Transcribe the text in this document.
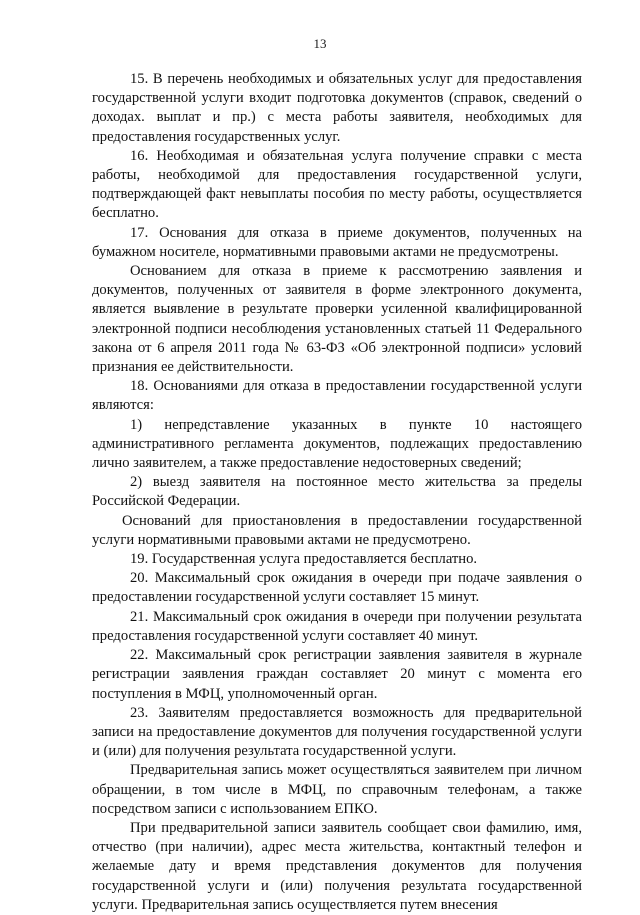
13

15. В перечень необходимых и обязательных услуг для предоставления государственной услуги входит подготовка документов (справок, сведений о доходах. выплат и пр.) с места работы заявителя, необходимых для предоставления государственных услуг.

16. Необходимая и обязательная услуга получение справки с места работы, необходимой для предоставления государственной услуги, подтверждающей факт невыплаты пособия по месту работы, осуществляется бесплатно.

17. Основания для отказа в приеме документов, полученных на бумажном носителе, нормативными правовыми актами не предусмотрены.

Основанием для отказа в приеме к рассмотрению заявления и документов, полученных от заявителя в форме электронного документа, является выявление в результате проверки усиленной квалифицированной электронной подписи несоблюдения установленных статьей 11 Федерального закона от 6 апреля 2011 года № 63-ФЗ «Об электронной подписи» условий признания ее действительности.

18. Основаниями для отказа в предоставлении государственной услуги являются:

1) непредставление указанных в пункте 10 настоящего административного регламента документов, подлежащих предоставлению лично заявителем, а также предоставление недостоверных сведений;

2) выезд заявителя на постоянное место жительства за пределы Российской Федерации.

Оснований для приостановления в предоставлении государственной услуги нормативными правовыми актами не предусмотрено.

19. Государственная услуга предоставляется бесплатно.

20. Максимальный срок ожидания в очереди при подаче заявления о предоставлении государственной услуги составляет 15 минут.

21. Максимальный срок ожидания в очереди при получении результата предоставления государственной услуги составляет 40 минут.

22. Максимальный срок регистрации заявления заявителя в журнале регистрации заявления граждан составляет 20 минут с момента его поступления в МФЦ, уполномоченный орган.

23. Заявителям предоставляется возможность для предварительной записи на предоставление документов для получения государственной услуги и (или) для получения результата государственной услуги.

Предварительная запись может осуществляться заявителем при личном обращении, в том числе в МФЦ, по справочным телефонам, а также посредством записи с использованием ЕПКО.

При предварительной записи заявитель сообщает свои фамилию, имя, отчество (при наличии), адрес места жительства, контактный телефон и желаемые дату и время представления документов для получения государственной услуги и (или) получения результата государственной услуги. Предварительная запись осуществляется путем внесения
